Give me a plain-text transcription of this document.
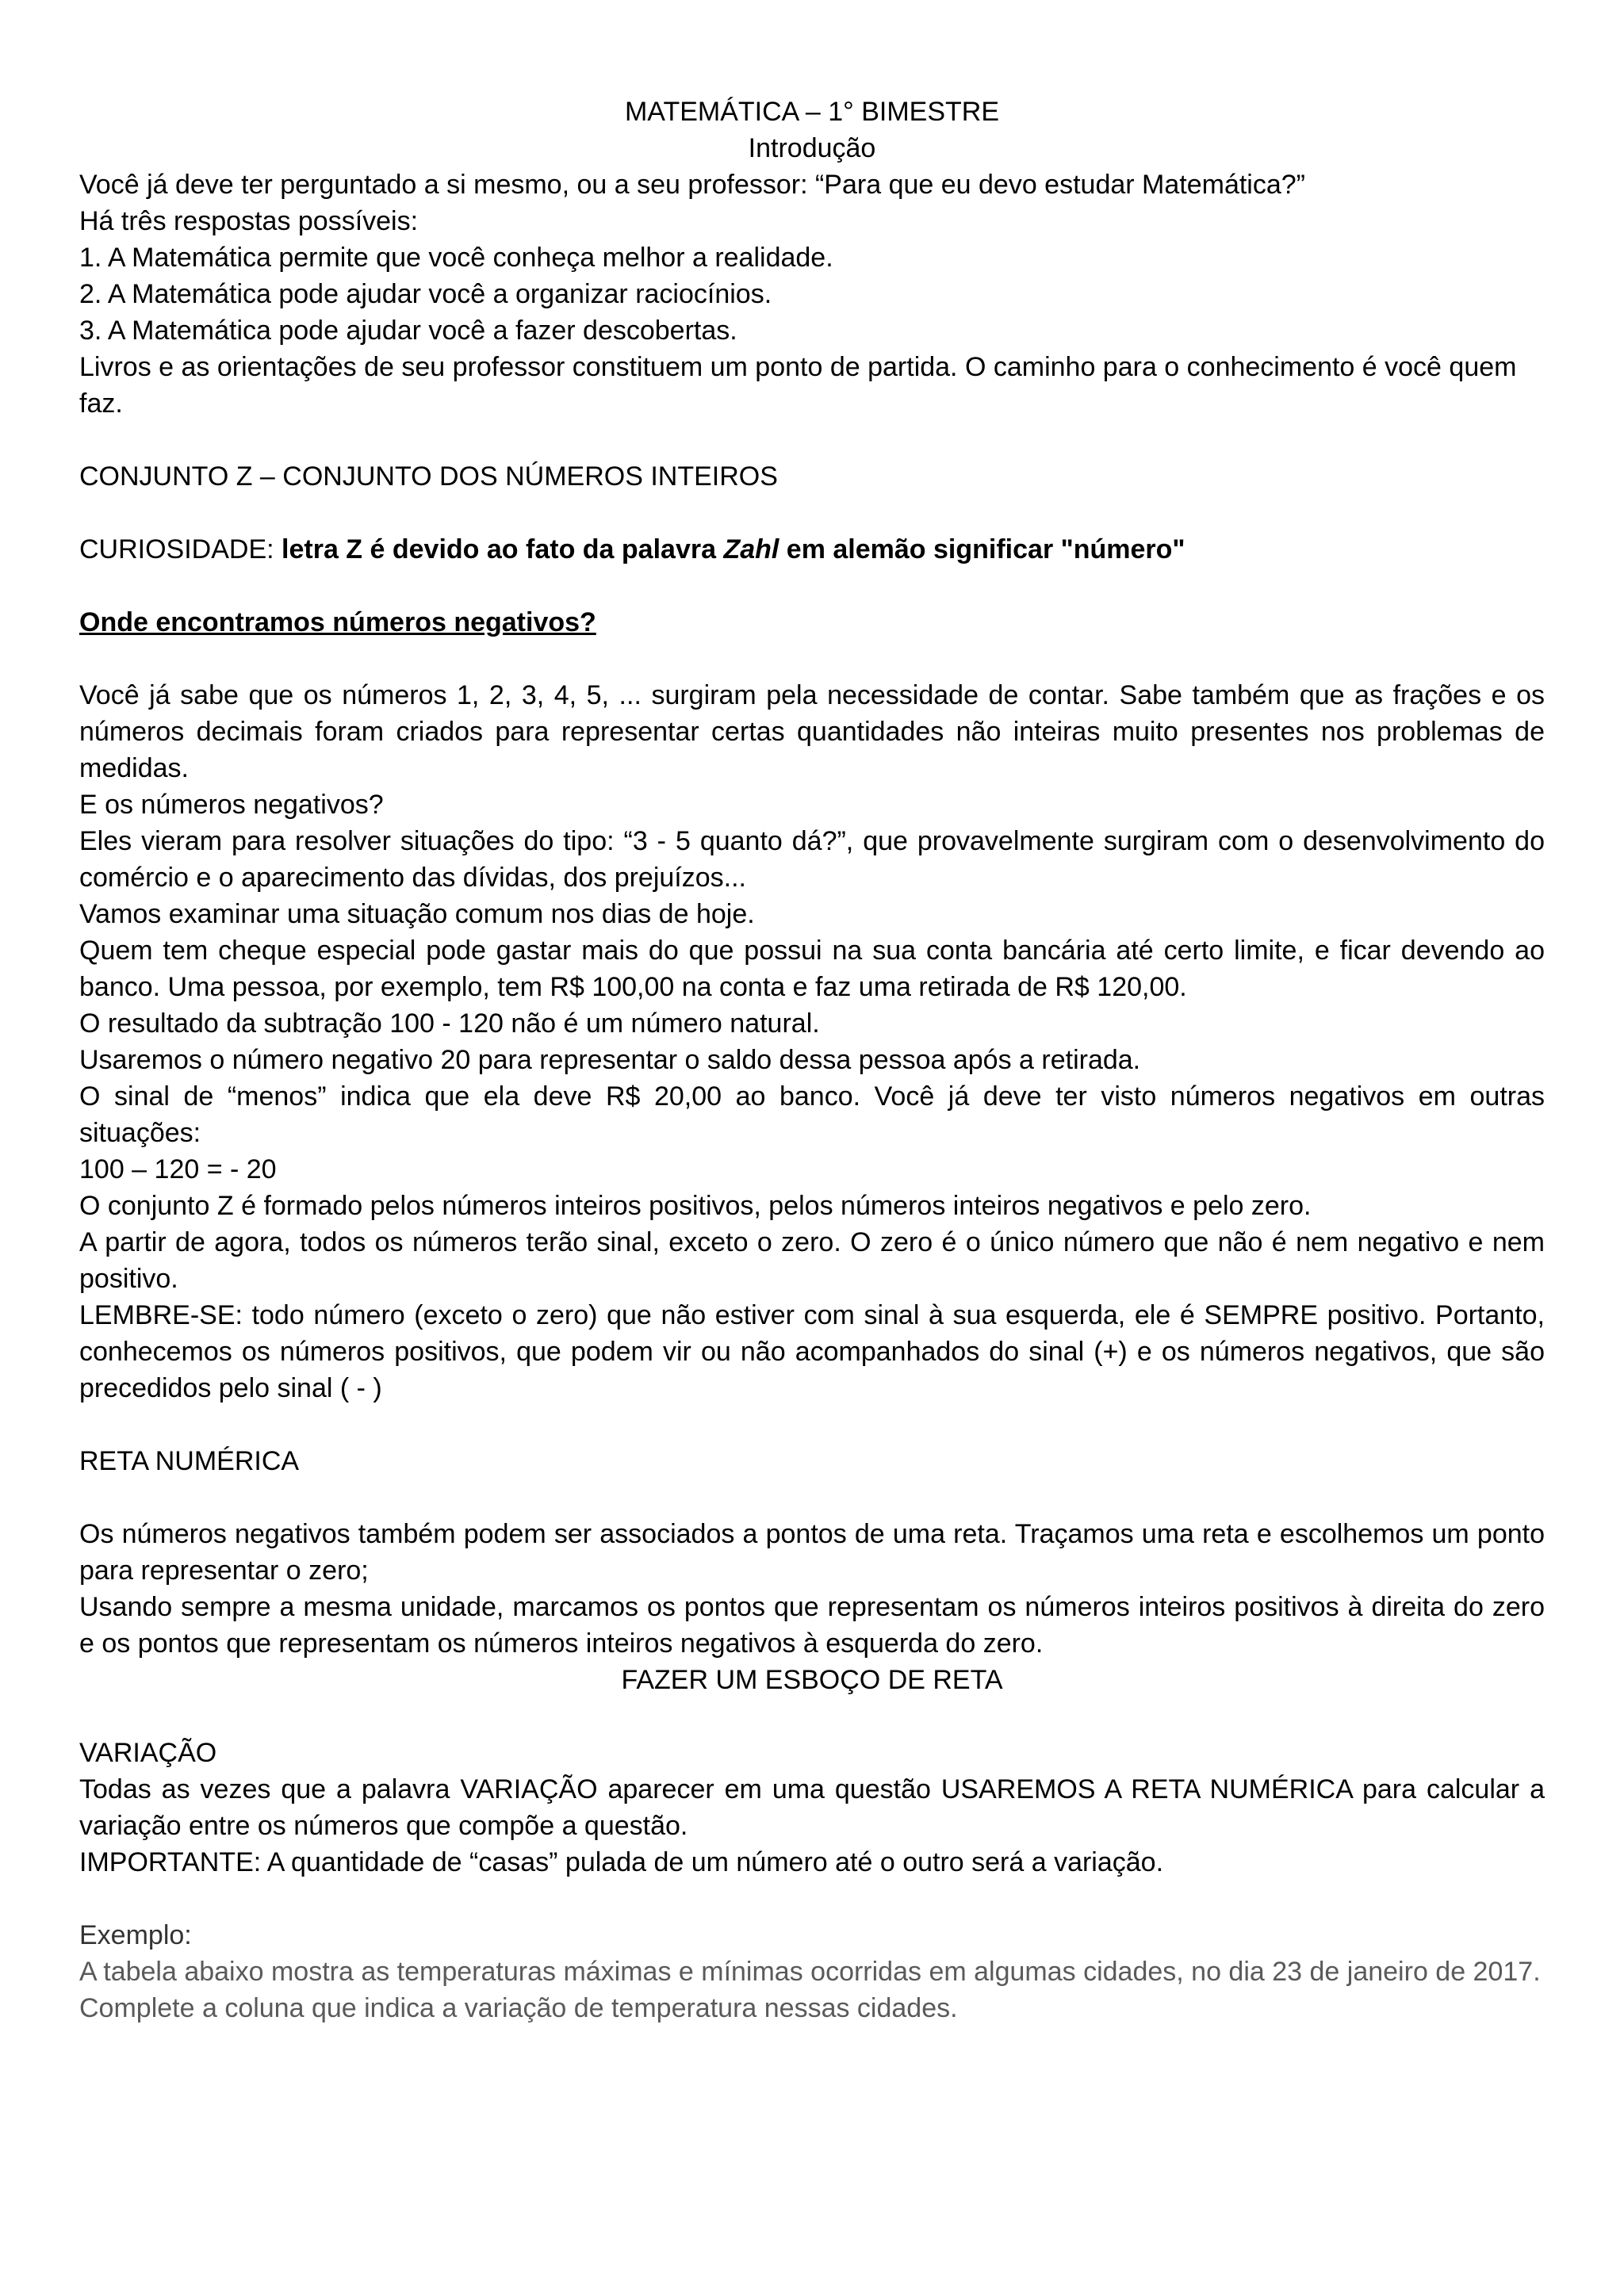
MATEMÁTICA – 1° BIMESTRE

Introdução

Você já deve ter perguntado a si mesmo, ou a seu professor: “Para que eu devo estudar Matemática?”

Há três respostas possíveis:

1. A Matemática permite que você conheça melhor a realidade.

2. A Matemática pode ajudar você a organizar raciocínios.

3. A Matemática pode ajudar você a fazer descobertas.

Livros e as orientações de seu professor constituem um ponto de partida. O caminho para o conhecimento é você quem faz.

CONJUNTO Z – CONJUNTO DOS NÚMEROS INTEIROS

CURIOSIDADE: letra Z é devido ao fato da palavra Zahl em alemão significar "número"

Onde encontramos números negativos?

Você já sabe que os números 1, 2, 3, 4, 5, ... surgiram pela necessidade de contar. Sabe também que as frações e os números decimais foram criados para representar certas quantidades não inteiras muito presentes nos problemas de medidas.

E os números negativos?

Eles vieram para resolver situações do tipo: “3 - 5 quanto dá?”, que provavelmente surgiram com o desenvolvimento do comércio e o aparecimento das dívidas, dos prejuízos...

Vamos examinar uma situação comum nos dias de hoje.

Quem tem cheque especial pode gastar mais do que possui na sua conta bancária até certo limite, e ficar devendo ao banco. Uma pessoa, por exemplo, tem R$ 100,00 na conta e faz uma retirada de R$ 120,00.

O resultado da subtração 100 - 120 não é um número natural.

Usaremos o número negativo 20 para representar o saldo dessa pessoa após a retirada.

O sinal de “menos” indica que ela deve R$ 20,00 ao banco. Você já deve ter visto números negativos em outras situações:

100 – 120 = - 20

O conjunto Z é formado pelos números inteiros positivos, pelos números inteiros negativos e pelo zero.

A partir de agora, todos os números terão sinal, exceto o zero. O zero é o único número que não é nem negativo e nem positivo.

LEMBRE-SE: todo número (exceto o zero) que não estiver com sinal à sua esquerda, ele é SEMPRE positivo. Portanto, conhecemos os números positivos, que podem vir ou não acompanhados do sinal (+) e os números negativos, que são precedidos pelo sinal ( - )

RETA NUMÉRICA

Os números negativos também podem ser associados a pontos de uma reta. Traçamos uma reta e escolhemos um ponto para representar o zero;

Usando sempre a mesma unidade, marcamos os pontos que representam os números inteiros positivos à direita do zero e os pontos que representam os números inteiros negativos à esquerda do zero.

FAZER UM ESBOÇO DE RETA

VARIAÇÃO

Todas as vezes que a palavra VARIAÇÃO aparecer em uma questão USAREMOS A RETA NUMÉRICA para calcular a variação entre os números que compõe a questão.

IMPORTANTE: A quantidade de “casas” pulada de um número até o outro será a variação.

Exemplo:

A tabela abaixo mostra as temperaturas máximas e mínimas ocorridas em algumas cidades, no dia 23 de janeiro de 2017.

Complete a coluna que indica a variação de temperatura nessas cidades.
